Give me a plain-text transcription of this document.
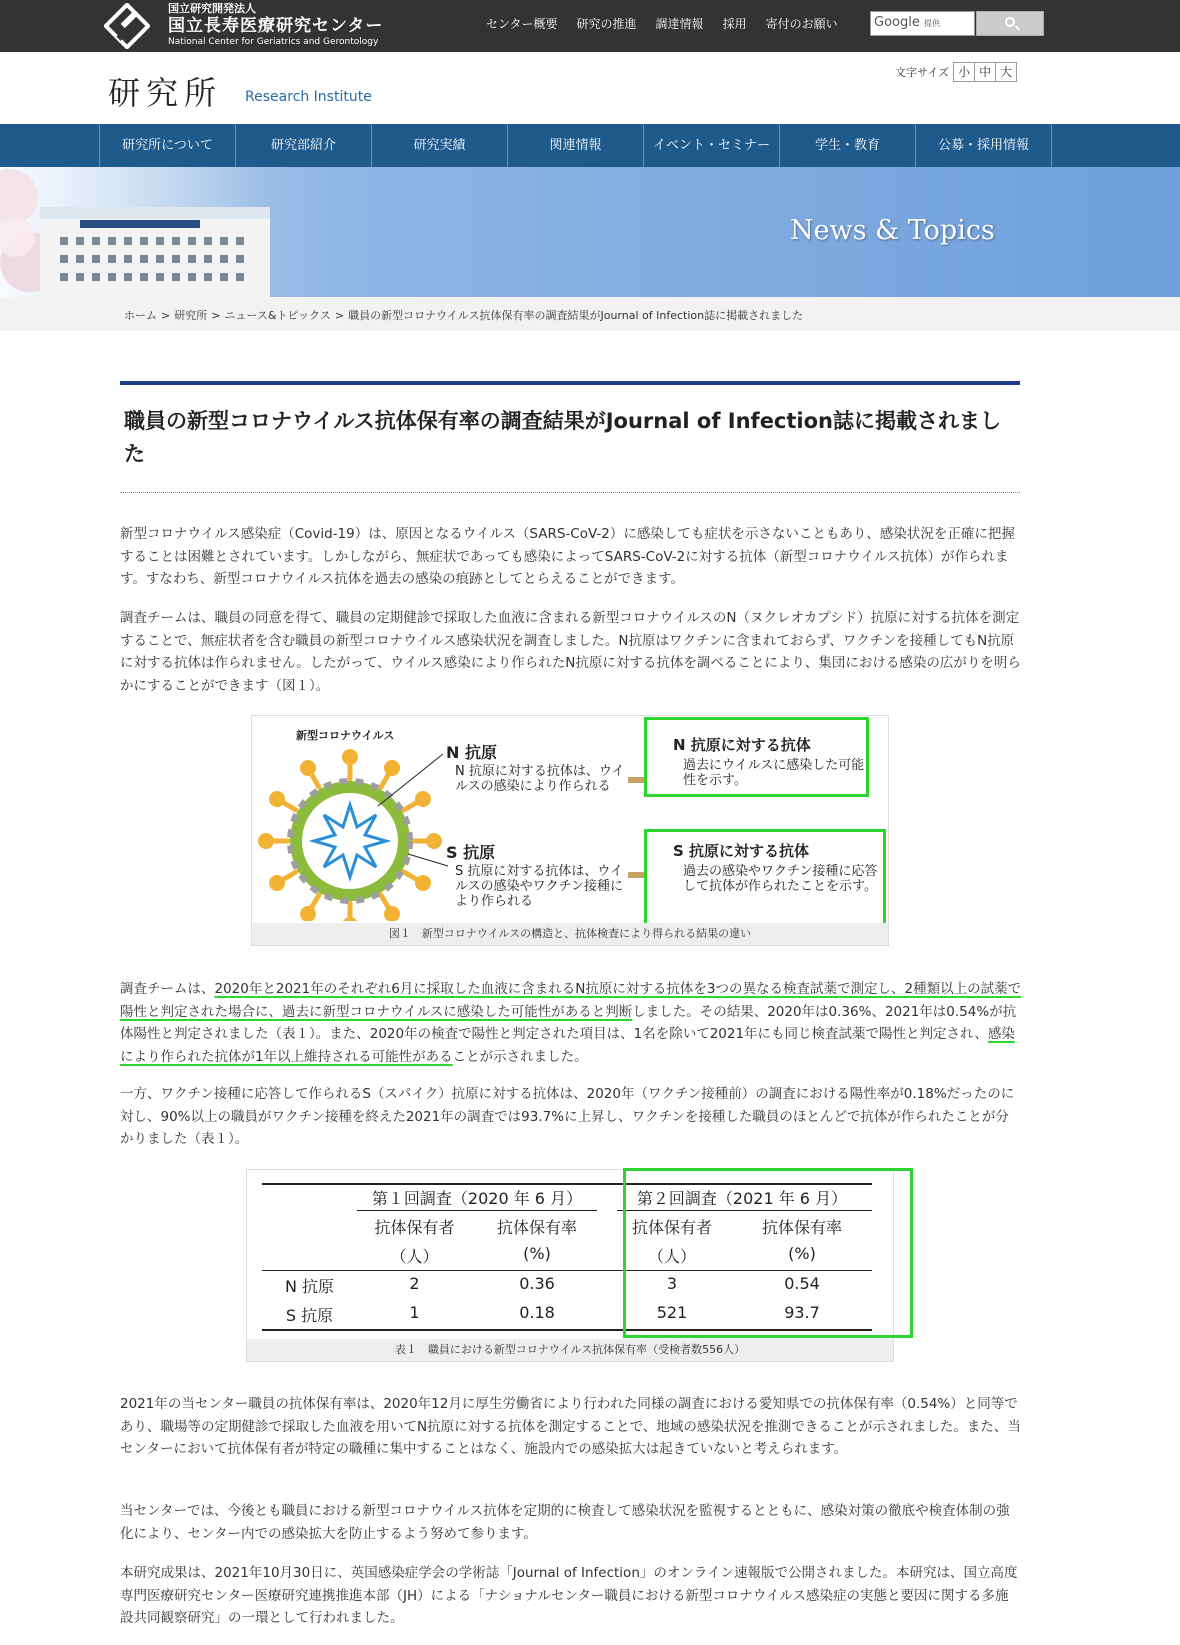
国立研究開発法人
国立長寿医療研究センター
National Center for Geriatrics and Gerontology
センター概要 研究の推進 調達情報 採用 寄付のお願い	Google 提供
研究所 Research Institute
文字サイズ 小 中 大
研究所について	研究部紹介	研究実績	関連情報	イベント・セミナー	学生・教育	公募・採用情報
News & Topics
ホーム > 研究所 > ニュース&トピックス > 職員の新型コロナウイルス抗体保有率の調査結果がJournal of Infection誌に掲載されました
職員の新型コロナウイルス抗体保有率の調査結果がJournal of Infection誌に掲載されました

新型コロナウイルス感染症（Covid-19）は、原因となるウイルス（SARS-CoV-2）に感染しても症状を示さないこともあり、感染状況を正確に把握することは困難とされています。しかしながら、無症状であっても感染によってSARS-CoV-2に対する抗体（新型コロナウイルス抗体）が作られます。すなわち、新型コロナウイルス抗体を過去の感染の痕跡としてとらえることができます。

調査チームは、職員の同意を得て、職員の定期健診で採取した血液に含まれる新型コロナウイルスのN（ヌクレオカプシド）抗原に対する抗体を測定することで、無症状者を含む職員の新型コロナウイルス感染状況を調査しました。N抗原はワクチンに含まれておらず、ワクチンを接種してもN抗原に対する抗体は作られません。したがって、ウイルス感染により作られたN抗原に対する抗体を調べることにより、集団における感染の広がりを明らかにすることができます（図１）。

新型コロナウイルス
N 抗原
N 抗原に対する抗体は、ウイルスの感染により作られる
S 抗原
S 抗原に対する抗体は、ウイルスの感染やワクチン接種により作られる
N 抗原に対する抗体
過去にウイルスに感染した可能性を示す。
S 抗原に対する抗体
過去の感染やワクチン接種に応答して抗体が作られたことを示す。
図１　新型コロナウイルスの構造と、抗体検査により得られる結果の違い

調査チームは、2020年と2021年のそれぞれ6月に採取した血液に含まれるN抗原に対する抗体を3つの異なる検査試薬で測定し、2種類以上の試薬で陽性と判定された場合に、過去に新型コロナウイルスに感染した可能性があると判断しました。その結果、2020年は0.36%、2021年は0.54%が抗体陽性と判定されました（表１）。また、2020年の検査で陽性と判定された項目は、1名を除いて2021年にも同じ検査試薬で陽性と判定され、感染により作られた抗体が1年以上維持される可能性があることが示されました。

一方、ワクチン接種に応答して作られるS（スパイク）抗原に対する抗体は、2020年（ワクチン接種前）の調査における陽性率が0.18%だったのに対し、90%以上の職員がワクチン接種を終えた2021年の調査では93.7%に上昇し、ワクチンを接種した職員のほとんどで抗体が作られたことが分かりました（表１）。

第１回調査（2020 年 6 月）	第２回調査（2021 年 6 月）
抗体保有者	抗体保有率	抗体保有者	抗体保有率
（人）	(%)	（人）	(%)
N 抗原	2	0.36	3	0.54
S 抗原	1	0.18	521	93.7
表１　職員における新型コロナウイルス抗体保有率（受検者数556人）

2021年の当センター職員の抗体保有率は、2020年12月に厚生労働省により行われた同様の調査における愛知県での抗体保有率（0.54%）と同等であり、職場等の定期健診で採取した血液を用いてN抗原に対する抗体を測定することで、地域の感染状況を推測できることが示されました。また、当センターにおいて抗体保有者が特定の職種に集中することはなく、施設内での感染拡大は起きていないと考えられます。

当センターでは、今後とも職員における新型コロナウイルス抗体を定期的に検査して感染状況を監視するとともに、感染対策の徹底や検査体制の強化により、センター内での感染拡大を防止するよう努めて参ります。

本研究成果は、2021年10月30日に、英国感染症学会の学術誌「Journal of Infection」のオンライン速報版で公開されました。本研究は、国立高度専門医療研究センター医療研究連携推進本部（JH）による「ナショナルセンター職員における新型コロナウイルス感染症の実態と要因に関する多施設共同観察研究」の一環として行われました。
